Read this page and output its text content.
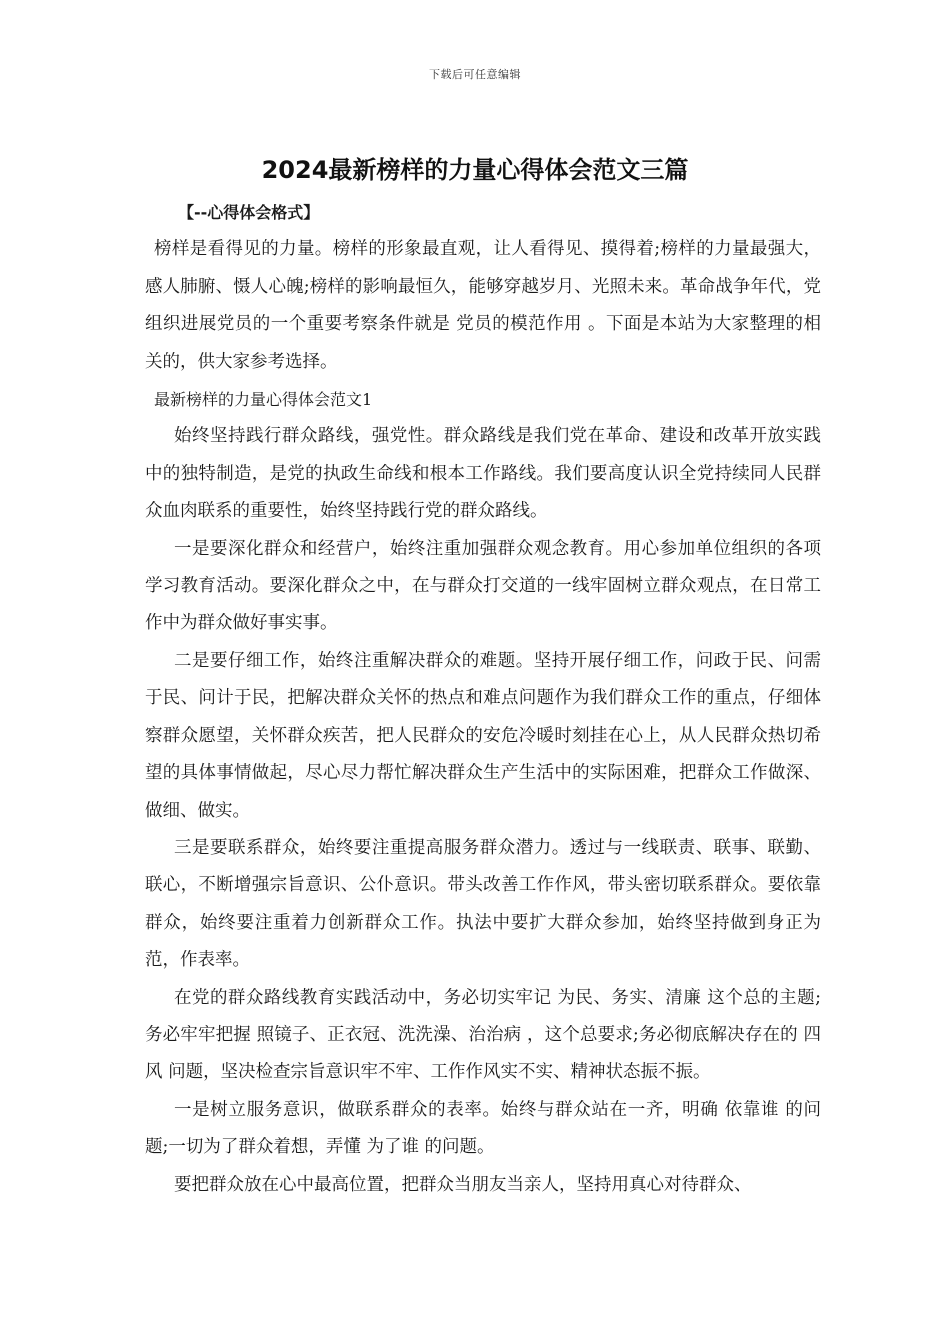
下载后可任意编辑
2024最新榜样的力量心得体会范文三篇

【--心得体会格式】

榜样是看得见的力量。榜样的形象最直观，让人看得见、摸得着;榜样的力量最强大，感人肺腑、慑人心魄;榜样的影响最恒久，能够穿越岁月、光照未来。革命战争年代，党组织进展党员的一个重要考察条件就是 党员的模范作用 。下面是本站为大家整理的相关的，供大家参考选择。

最新榜样的力量心得体会范文1

始终坚持践行群众路线，强党性。群众路线是我们党在革命、建设和改革开放实践中的独特制造，是党的执政生命线和根本工作路线。我们要高度认识全党持续同人民群众血肉联系的重要性，始终坚持践行党的群众路线。

一是要深化群众和经营户，始终注重加强群众观念教育。用心参加单位组织的各项学习教育活动。要深化群众之中，在与群众打交道的一线牢固树立群众观点，在日常工作中为群众做好事实事。

二是要仔细工作，始终注重解决群众的难题。坚持开展仔细工作，问政于民、问需于民、问计于民，把解决群众关怀的热点和难点问题作为我们群众工作的重点，仔细体察群众愿望，关怀群众疾苦，把人民群众的安危冷暖时刻挂在心上，从人民群众热切希望的具体事情做起，尽心尽力帮忙解决群众生产生活中的实际困难，把群众工作做深、做细、做实。

三是要联系群众，始终要注重提高服务群众潜力。透过与一线联责、联事、联勤、联心，不断增强宗旨意识、公仆意识。带头改善工作作风，带头密切联系群众。要依靠群众，始终要注重着力创新群众工作。执法中要扩大群众参加，始终坚持做到身正为范，作表率。

在党的群众路线教育实践活动中，务必切实牢记 为民、务实、清廉 这个总的主题;务必牢牢把握 照镜子、正衣冠、洗洗澡、治治病 ，这个总要求;务必彻底解决存在的 四风 问题，坚决检查宗旨意识牢不牢、工作作风实不实、精神状态振不振。

一是树立服务意识，做联系群众的表率。始终与群众站在一齐，明确 依靠谁 的问题;一切为了群众着想，弄懂 为了谁 的问题。

要把群众放在心中最高位置，把群众当朋友当亲人，坚持用真心对待群众、
